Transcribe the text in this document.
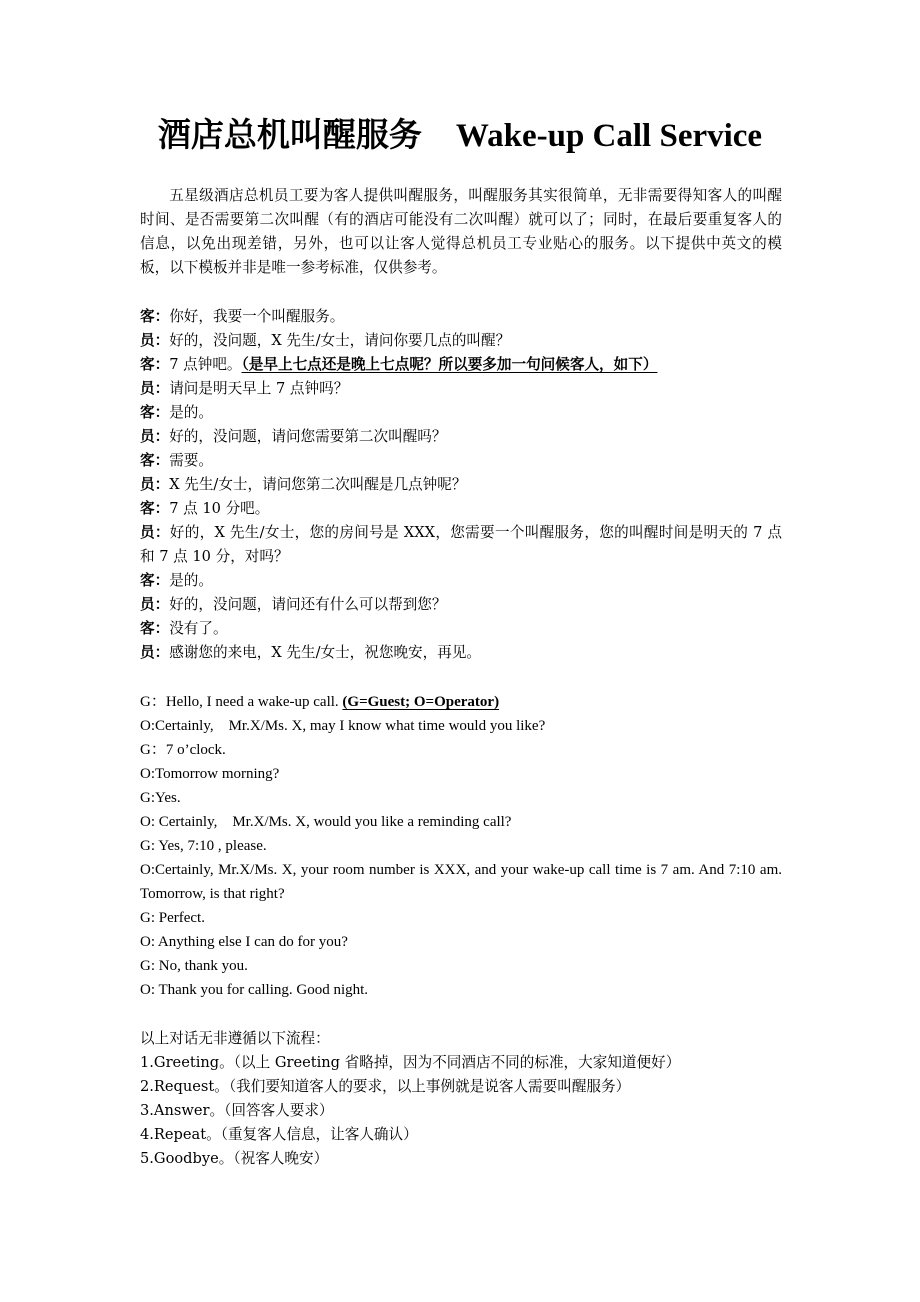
酒店总机叫醒服务 Wake-up Call Service

五星级酒店总机员工要为客人提供叫醒服务，叫醒服务其实很简单，无非需要得知客人的叫醒时间、是否需要第二次叫醒（有的酒店可能没有二次叫醒）就可以了；同时，在最后要重复客人的信息，以免出现差错，另外，也可以让客人觉得总机员工专业贴心的服务。以下提供中英文的模板，以下模板并非是唯一参考标准，仅供参考。

客：你好，我要一个叫醒服务。
员：好的，没问题，X 先生/女士，请问你要几点的叫醒？
客：7 点钟吧。（是早上七点还是晚上七点呢？所以要多加一句问候客人，如下）
员：请问是明天早上 7 点钟吗？
客：是的。
员：好的，没问题，请问您需要第二次叫醒吗？
客：需要。
员：X 先生/女士，请问您第二次叫醒是几点钟呢？
客：7 点 10 分吧。
员：好的，X 先生/女士，您的房间号是 XXX，您需要一个叫醒服务，您的叫醒时间是明天的 7 点和 7 点 10 分，对吗？
客：是的。
员：好的，没问题，请问还有什么可以帮到您？
客：没有了。
员：感谢您的来电，X 先生/女士，祝您晚安，再见。
G：Hello, I need a wake-up call. (G=Guest; O=Operator)
O:Certainly,    Mr.X/Ms. X, may I know what time would you like?
G：7 o’clock.
O:Tomorrow morning?
G:Yes.
O: Certainly,    Mr.X/Ms. X, would you like a reminding call?
G: Yes, 7:10 , please.
O:Certainly, Mr.X/Ms. X, your room number is XXX, and your wake-up call time is 7 am. And 7:10 am. Tomorrow, is that right?
G: Perfect.
O: Anything else I can do for you?
G: No, thank you.
O: Thank you for calling. Good night.
以上对话无非遵循以下流程：
1.Greeting。（以上 Greeting 省略掉，因为不同酒店不同的标准，大家知道便好）
2.Request。（我们要知道客人的要求，以上事例就是说客人需要叫醒服务）
3.Answer。（回答客人要求）
4.Repeat。（重复客人信息，让客人确认）
5.Goodbye。（祝客人晚安）
